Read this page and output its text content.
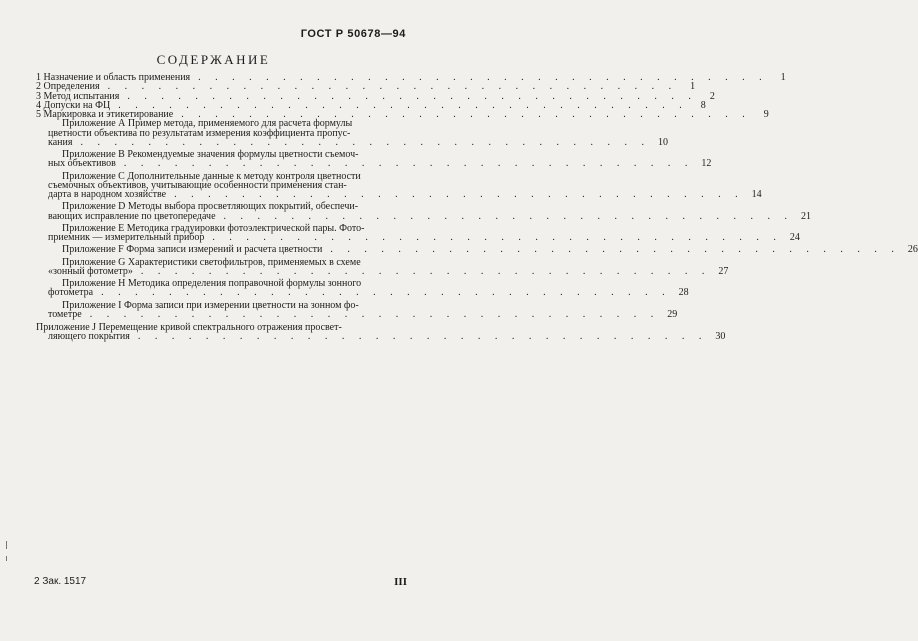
ГОСТ Р 50678—94
СОДЕРЖАНИЕ
1 Назначение и область применения . . . . . . . . . . . . . . . . . . . . . . . . . . . . . . . . . .	1
2 Определения . . . . . . . . . . . . . . . . . . . . . . . . . . . . . . . . . .	1
3 Метод испытания . . . . . . . . . . . . . . . . . . . . . . . . . . . . . . . . . .	2
4 Допуски на ФЦ . . . . . . . . . . . . . . . . . . . . . . . . . . . . . . . . . .	8
5 Маркировка и этикетирование . . . . . . . . . . . . . . . . . . . . . . . . . . . . . . . . . .	9
Приложение А Пример метода, применяемого для расчета формулы
цветности объектива по результатам измерения коэффициента пропус-
кания . . . . . . . . . . . . . . . . . . . . . . . . . . . . . . . . . . 10
Приложение В Рекомендуемые значения формулы цветности съемоч-
ных объективов . . . . . . . . . . . . . . . . . . . . . . . . . . . . . . . . . . 12
Приложение С Дополнительные данные к методу контроля цветности
съемочных объективов, учитывающие особенности применения стан-
дарта в народном хозяйстве . . . . . . . . . . . . . . . . . . . . . . . . . . . . . . . . . . 14
Приложение D Методы выбора просветляющих покрытий, обеспечи-
вающих исправление по цветопередаче . . . . . . . . . . . . . . . . . . . . . . . . . . . . . . . . . . 21
Приложение Е Методика градуировки фотоэлектрической пары. Фото-
приемник — измерительный прибор . . . . . . . . . . . . . . . . . . . . . . . . . . . . . . . . . . 24
Приложение F Форма записи измерений и расчета цветности . . . . . . . . . . . . . . . . . . . . . . . . . . . . . . . . . . 26
Приложение G Характеристики светофильтров, применяемых в схеме
«зонный фотометр» . . . . . . . . . . . . . . . . . . . . . . . . . . . . . . . . . . 27
Приложение Н Методика определения поправочной формулы зонного
фотометра . . . . . . . . . . . . . . . . . . . . . . . . . . . . . . . . . . 28
Приложение I Форма записи при измерении цветности на зонном фо-
тометре . . . . . . . . . . . . . . . . . . . . . . . . . . . . . . . . . . 29
Приложение J Перемещение кривой спектрального отражения просвет-
ляющего покрытия . . . . . . . . . . . . . . . . . . . . . . . . . . . . . . . . . . 30
2 Зак. 1517	III
